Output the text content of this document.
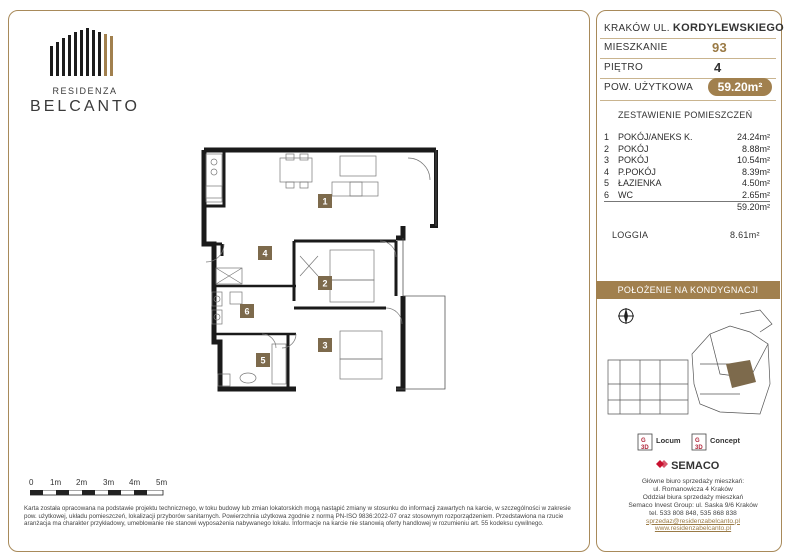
RESIDENZA
BELCANTO
1
2
3
4
5
6
0 1m 2m 3m 4m 5m
Karta została opracowana na podstawie projektu technicznego, w toku budowy lub zmian lokatorskich mogą nastąpić zmiany w stosunku do informacji zawartych na karcie, w szczególności w zakresie pow. użytkowej, układu pomieszczeń, lokalizacji przyborów sanitarnych. Powierzchnia użytkowa zgodnie z normą PN-ISO 9836:2022-07 oraz stosownym rozporządzeniem. Przedstawiona na rzucie aranżacja ma charakter przykładowy, umeblowanie nie stanowi wyposażenia nabywanego lokalu. Informacje na karcie nie stanowią oferty handlowej w rozumieniu art. 55 kodeksu cywilnego.
KRAKÓW UL. KORDYLEWSKIEGO
MIESZKANIE	93
PIĘTRO	4
POW. UŻYTKOWA	59.20m²
ZESTAWIENIE POMIESZCZEŃ
1 POKÓJ/ANEKS K.	24.24m²
2 POKÓJ	8.88m²
3 POKÓJ	10.54m²
4 P.POKÓJ	8.39m²
5 ŁAZIENKA	4.50m²
6 WC	2.65m²
59.20m²
LOGGIA	8.61m²
POŁOŻENIE NA KONDYGNACJI
G
3D
G
3D
Locum	Concept
SEMACO
Główne biuro sprzedaży mieszkań:
ul. Romanowicza 4 Kraków
Oddział biura sprzedaży mieszkań
Semaco Invest Group: ul. Saska 9/6 Kraków
tel. 533 808 848, 535 868 838
sprzedaz@residenzabelcanto.pl
www.residenzabelcanto.pl
